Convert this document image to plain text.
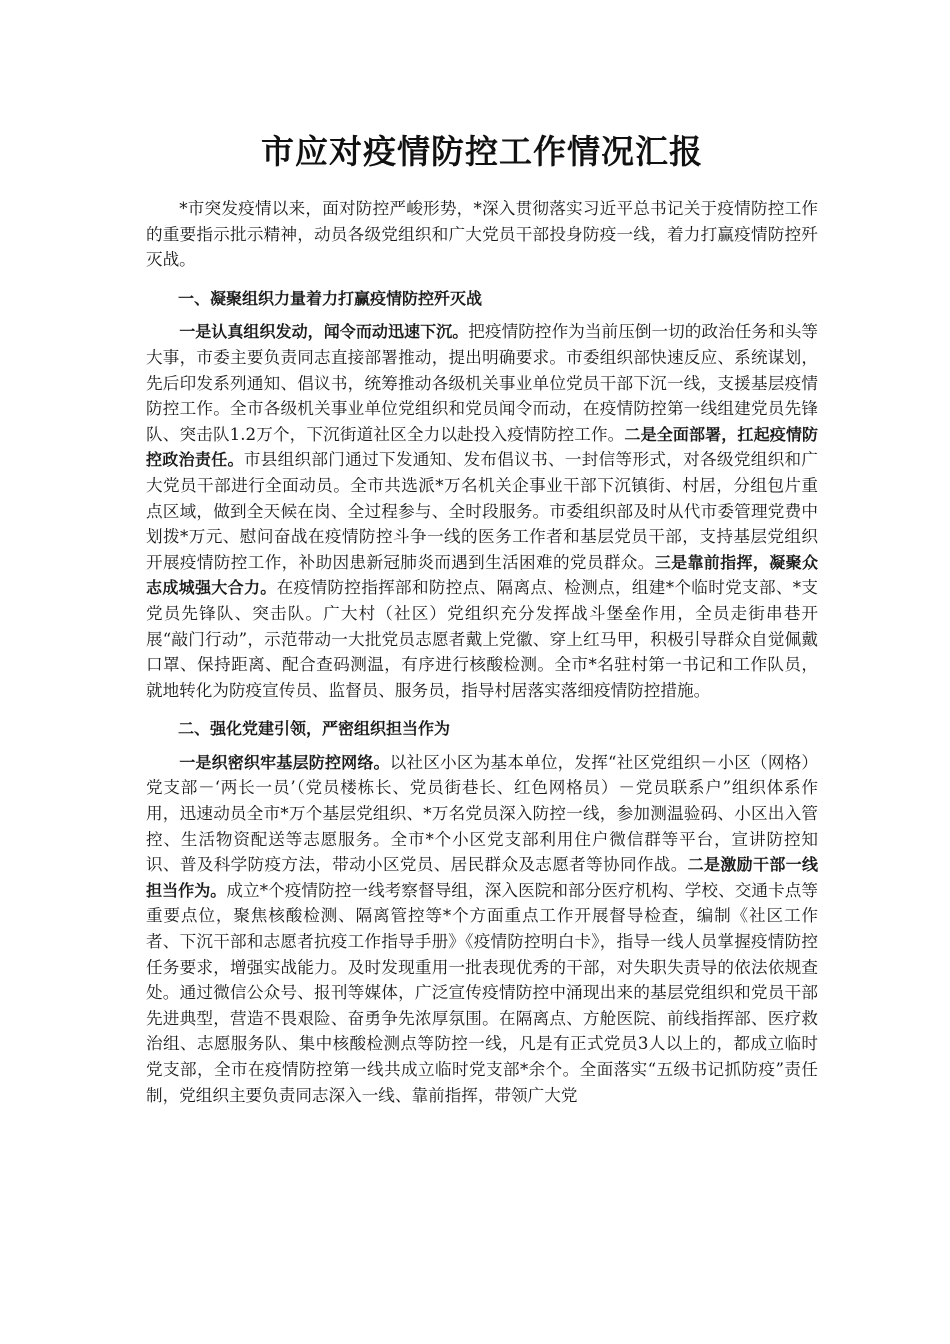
市应对疫情防控工作情况汇报

*市突发疫情以来，面对防控严峻形势，*深入贯彻落实习近平总书记关于疫情防控工作的重要指示批示精神，动员各级党组织和广大党员干部投身防疫一线，着力打赢疫情防控歼灭战。

一、凝聚组织力量着力打赢疫情防控歼灭战

一是认真组织发动，闻令而动迅速下沉。把疫情防控作为当前压倒一切的政治任务和头等大事，市委主要负责同志直接部署推动，提出明确要求。市委组织部快速反应、系统谋划，先后印发系列通知、倡议书，统筹推动各级机关事业单位党员干部下沉一线，支援基层疫情防控工作。全市各级机关事业单位党组织和党员闻令而动，在疫情防控第一线组建党员先锋队、突击队1.2万个，下沉街道社区全力以赴投入疫情防控工作。二是全面部署，扛起疫情防控政治责任。市县组织部门通过下发通知、发布倡议书、一封信等形式，对各级党组织和广大党员干部进行全面动员。全市共选派*万名机关企事业干部下沉镇街、村居，分组包片重点区域，做到全天候在岗、全过程参与、全时段服务。市委组织部及时从代市委管理党费中划拨*万元、慰问奋战在疫情防控斗争一线的医务工作者和基层党员干部，支持基层党组织开展疫情防控工作，补助因患新冠肺炎而遇到生活困难的党员群众。三是靠前指挥，凝聚众志成城强大合力。在疫情防控指挥部和防控点、隔离点、检测点，组建*个临时党支部、*支党员先锋队、突击队。广大村（社区）党组织充分发挥战斗堡垒作用，全员走街串巷开展“敲门行动”，示范带动一大批党员志愿者戴上党徽、穿上红马甲，积极引导群众自觉佩戴口罩、保持距离、配合查码测温，有序进行核酸检测。全市*名驻村第一书记和工作队员，就地转化为防疫宣传员、监督员、服务员，指导村居落实落细疫情防控措施。

二、强化党建引领，严密组织担当作为

一是织密织牢基层防控网络。以社区小区为基本单位，发挥“社区党组织－小区（网格）党支部－‘两长一员’（党员楼栋长、党员街巷长、红色网格员）－党员联系户”组织体系作用，迅速动员全市*万个基层党组织、*万名党员深入防控一线，参加测温验码、小区出入管控、生活物资配送等志愿服务。全市*个小区党支部利用住户微信群等平台，宣讲防控知识、普及科学防疫方法，带动小区党员、居民群众及志愿者等协同作战。二是激励干部一线担当作为。成立*个疫情防控一线考察督导组，深入医院和部分医疗机构、学校、交通卡点等重要点位，聚焦核酸检测、隔离管控等*个方面重点工作开展督导检查，编制《社区工作者、下沉干部和志愿者抗疫工作指导手册》《疫情防控明白卡》，指导一线人员掌握疫情防控任务要求，增强实战能力。及时发现重用一批表现优秀的干部，对失职失责导的依法依规查处。通过微信公众号、报刊等媒体，广泛宣传疫情防控中涌现出来的基层党组织和党员干部先进典型，营造不畏艰险、奋勇争先浓厚氛围。在隔离点、方舱医院、前线指挥部、医疗救治组、志愿服务队、集中核酸检测点等防控一线，凡是有正式党员3人以上的，都成立临时党支部，全市在疫情防控第一线共成立临时党支部*余个。全面落实“五级书记抓防疫”责任制，党组织主要负责同志深入一线、靠前指挥，带领广大党
